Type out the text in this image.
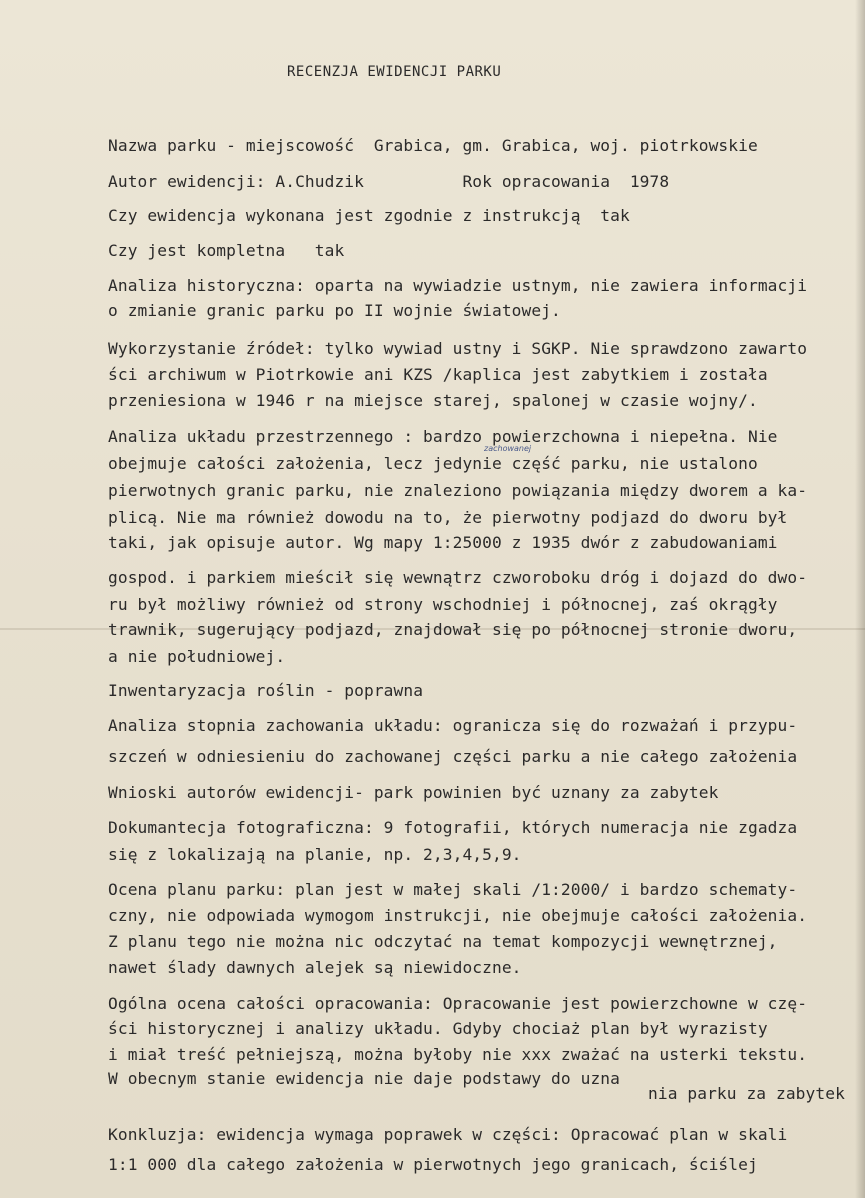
RECENZJA EWIDENCJI PARKU
Nazwa parku - miejscowość  Grabica, gm. Grabica, woj. piotrkowskie
Autor ewidencji: A.Chudzik          Rok opracowania  1978
Czy ewidencja wykonana jest zgodnie z instrukcją  tak
Czy jest kompletna   tak
Analiza historyczna: oparta na wywiadzie ustnym, nie zawiera informacji
o zmianie granic parku po II wojnie światowej.
Wykorzystanie źródeł: tylko wywiad ustny i SGKP. Nie sprawdzono zawarto
ści archiwum w Piotrkowie ani KZS /kaplica jest zabytkiem i została
przeniesiona w 1946 r na miejsce starej, spalonej w czasie wojny/.
Analiza układu przestrzennego : bardzo powierzchowna i niepełna. Nie
zachowanej
obejmuje całości założenia, lecz jedynie część parku, nie ustalono
pierwotnych granic parku, nie znaleziono powiązania między dworem a ka-
plicą. Nie ma również dowodu na to, że pierwotny podjazd do dworu był
taki, jak opisuje autor. Wg mapy 1:25000 z 1935 dwór z zabudowaniami
gospod. i parkiem mieścił się wewnątrz czworoboku dróg i dojazd do dwo-
ru był możliwy również od strony wschodniej i północnej, zaś okrągły
trawnik, sugerujący podjazd, znajdował się po północnej stronie dworu,
a nie południowej.
Inwentaryzacja roślin - poprawna
Analiza stopnia zachowania układu: ogranicza się do rozważań i przypu-
szczeń w odniesieniu do zachowanej części parku a nie całego założenia
Wnioski autorów ewidencji- park powinien być uznany za zabytek
Dokumantecja fotograficzna: 9 fotografii, których numeracja nie zgadza
się z lokalizają na planie, np. 2,3,4,5,9.
Ocena planu parku: plan jest w małej skali /1:2000/ i bardzo schematy-
czny, nie odpowiada wymogom instrukcji, nie obejmuje całości założenia.
Z planu tego nie można nic odczytać na temat kompozycji wewnętrznej,
nawet ślady dawnych alejek są niewidoczne.
Ogólna ocena całości opracowania: Opracowanie jest powierzchowne w czę-
ści historycznej i analizy układu. Gdyby chociaż plan był wyrazisty
i miał treść pełniejszą, można byłoby nie xxx zważać na usterki tekstu.
W obecnym stanie ewidencja nie daje podstawy do uzna
nia parku za zabytek
Konkluzja: ewidencja wymaga poprawek w części: Opracować plan w skali
1:1 000 dla całego założenia w pierwotnych jego granicach, ściślej
